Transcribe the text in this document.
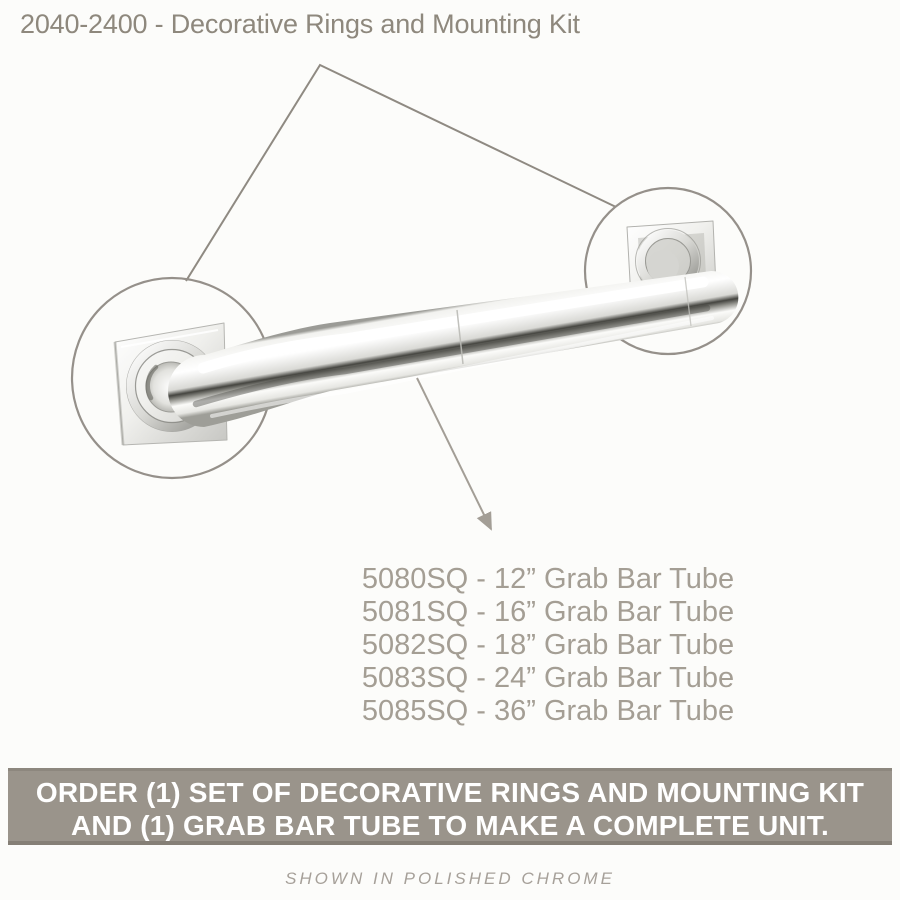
2040-2400 - Decorative Rings and Mounting Kit
5080SQ - 12” Grab Bar Tube
5081SQ - 16” Grab Bar Tube
5082SQ - 18” Grab Bar Tube
5083SQ - 24” Grab Bar Tube
5085SQ - 36” Grab Bar Tube
ORDER (1) SET OF DECORATIVE RINGS AND MOUNTING KIT
AND (1) GRAB BAR TUBE TO MAKE A COMPLETE UNIT.
SHOWN IN POLISHED CHROME
